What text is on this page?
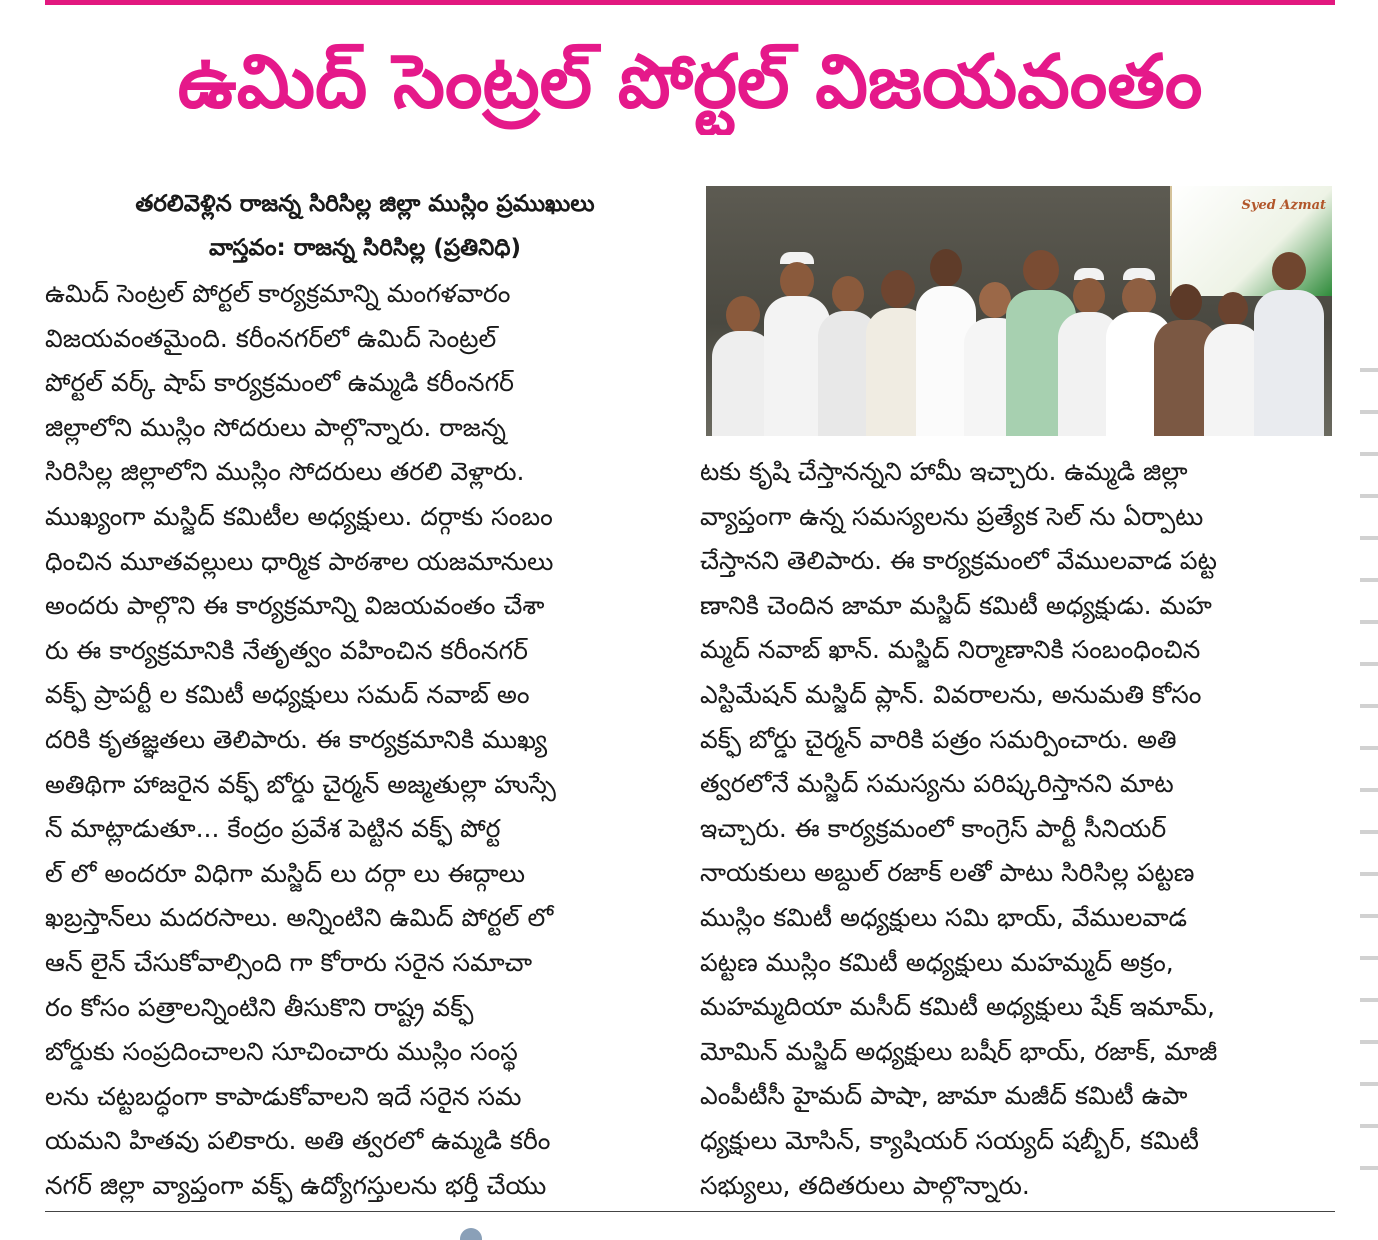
ఉమిద్ సెంట్రల్ పోర్టల్ విజయవంతం
తరలివెళ్లిన రాజన్న సిరిసిల్ల జిల్లా ముస్లిం ప్రముఖులు
వాస్తవం: రాజన్న సిరిసిల్ల (ప్రతినిధి)
ఉమిద్ సెంట్రల్ పోర్టల్ కార్యక్రమాన్ని మంగళవారం
విజయవంతమైంది. కరీంనగర్‌లో ఉమిద్ సెంట్రల్
పోర్టల్ వర్క్ షాప్ కార్యక్రమంలో ఉమ్మడి కరీంనగర్
జిల్లాలోని ముస్లిం సోదరులు పాల్గొన్నారు. రాజన్న
సిరిసిల్ల జిల్లాలోని ముస్లిం సోదరులు తరలి వెళ్లారు.
ముఖ్యంగా మస్జిద్ కమిటీల అధ్యక్షులు. దర్గాకు సంబం
ధించిన మూతవల్లులు ధార్మిక పాఠశాల యజమానులు
అందరు పాల్గొని ఈ కార్యక్రమాన్ని విజయవంతం చేశా
రు ఈ కార్యక్రమానికి నేతృత్వం వహించిన కరీంనగర్
వక్ఫ్ ప్రాపర్టీ ల కమిటీ అధ్యక్షులు సమద్ నవాబ్ అం
దరికి కృతజ్ఞతలు తెలిపారు. ఈ కార్యక్రమానికి ముఖ్య
అతిథిగా హాజరైన వక్ఫ్ బోర్డు చైర్మన్ అజ్మతుల్లా హుస్సే
న్ మాట్లాడుతూ... కేంద్రం ప్రవేశ పెట్టిన వక్ఫ్ పోర్ట
ల్ లో అందరూ విధిగా మస్జిద్ లు దర్గా లు ఈద్గాలు
ఖబ్రస్తాన్‌లు మదరసాలు. అన్నింటిని ఉమిద్ పోర్టల్ లో
ఆన్ లైన్ చేసుకోవాల్సింది గా కోరారు సరైన సమాచా
రం కోసం పత్రాలన్నింటిని తీసుకొని రాష్ట్ర వక్ఫ్
బోర్డుకు సంప్రదించాలని సూచించారు ముస్లిం సంస్థ
లను చట్టబద్ధంగా కాపాడుకోవాలని ఇదే సరైన సమ
యమని హితవు పలికారు. అతి త్వరలో ఉమ్మడి కరీం
నగర్ జిల్లా వ్యాప్తంగా వక్ఫ్ ఉద్యోగస్తులను భర్తీ చేయు
Syed Azmat
టకు కృషి చేస్తానన్నని హామీ ఇచ్చారు. ఉమ్మడి జిల్లా
వ్యాప్తంగా ఉన్న సమస్యలను ప్రత్యేక సెల్ ను ఏర్పాటు
చేస్తానని తెలిపారు. ఈ కార్యక్రమంలో వేములవాడ పట్ట
ణానికి చెందిన జామా మస్జిద్ కమిటీ అధ్యక్షుడు. మహ
మ్మద్ నవాబ్ ఖాన్. మస్జిద్ నిర్మాణానికి సంబంధించిన
ఎస్టిమేషన్ మస్జిద్ ప్లాన్. వివరాలను, అనుమతి కోసం
వక్ఫ్ బోర్డు చైర్మన్ వారికి పత్రం సమర్పించారు. అతి
త్వరలోనే మస్జిద్ సమస్యను పరిష్కరిస్తానని మాట
ఇచ్చారు. ఈ కార్యక్రమంలో కాంగ్రెస్ పార్టీ సీనియర్
నాయకులు అబ్దుల్ రజాక్ లతో పాటు సిరిసిల్ల పట్టణ
ముస్లిం కమిటీ అధ్యక్షులు సమి భాయ్, వేములవాడ
పట్టణ ముస్లిం కమిటీ అధ్యక్షులు మహమ్మద్ అక్రం,
మహమ్మదియా మసీద్ కమిటీ అధ్యక్షులు షేక్ ఇమామ్,
మోమిన్ మస్జిద్ అధ్యక్షులు బషీర్ భాయ్, రజాక్, మాజీ
ఎంపీటీసీ హైమద్ పాషా, జామా మజీద్ కమిటీ ఉపా
ధ్యక్షులు మోసిన్, క్యాషియర్ సయ్యద్ షబ్బీర్, కమిటీ
సభ్యులు, తదితరులు పాల్గొన్నారు.
